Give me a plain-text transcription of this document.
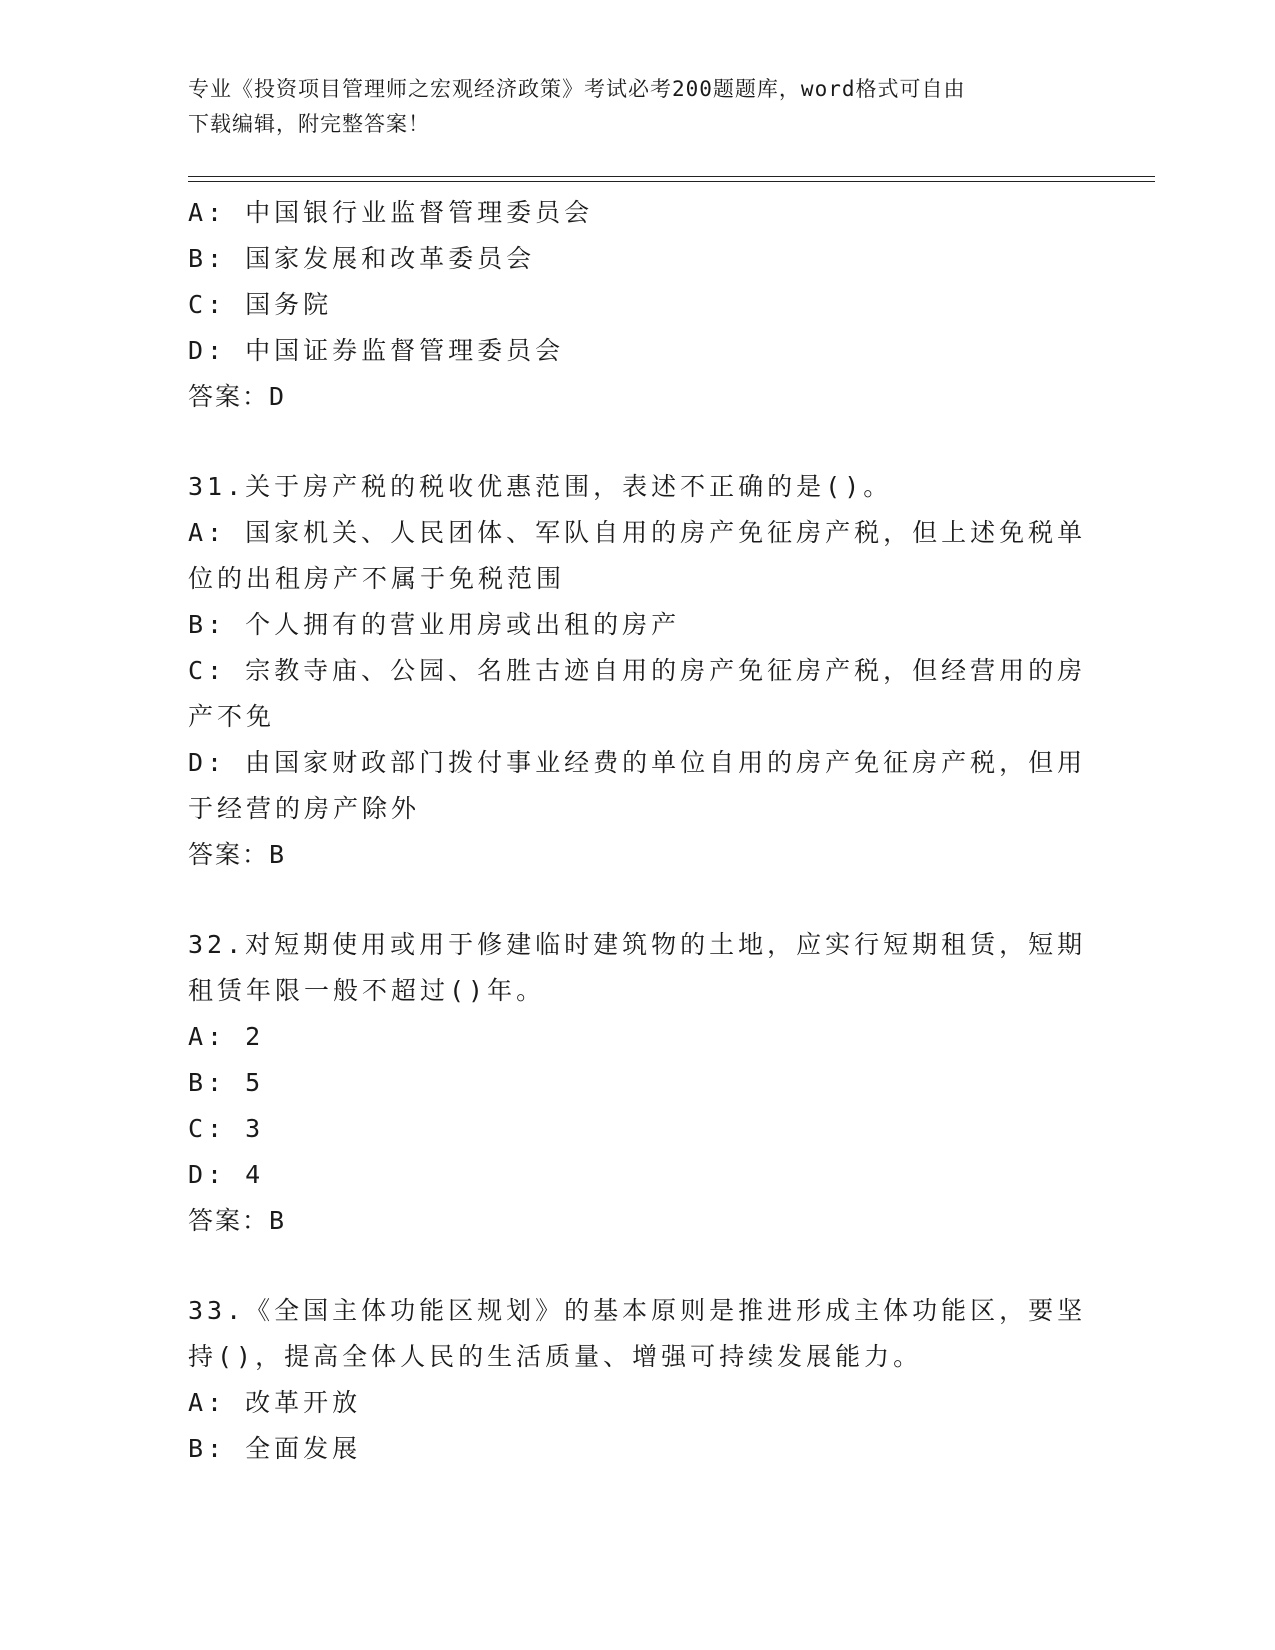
专业《投资项目管理师之宏观经济政策》考试必考200题题库，word格式可自由
下载编辑，附完整答案！

A: 中国银行业监督管理委员会

B: 国家发展和改革委员会

C: 国务院

D: 中国证券监督管理委员会

答案：D

31.关于房产税的税收优惠范围，表述不正确的是()。

A: 国家机关、人民团体、军队自用的房产免征房产税，但上述免税单位的出租房产不属于免税范围

B: 个人拥有的营业用房或出租的房产

C: 宗教寺庙、公园、名胜古迹自用的房产免征房产税，但经营用的房产不免

D: 由国家财政部门拨付事业经费的单位自用的房产免征房产税，但用于经营的房产除外

答案：B

32.对短期使用或用于修建临时建筑物的土地，应实行短期租赁，短期租赁年限一般不超过()年。

A: 2

B: 5

C: 3

D: 4

答案：B

33.《全国主体功能区规划》的基本原则是推进形成主体功能区，要坚持()，提高全体人民的生活质量、增强可持续发展能力。

A: 改革开放

B: 全面发展
